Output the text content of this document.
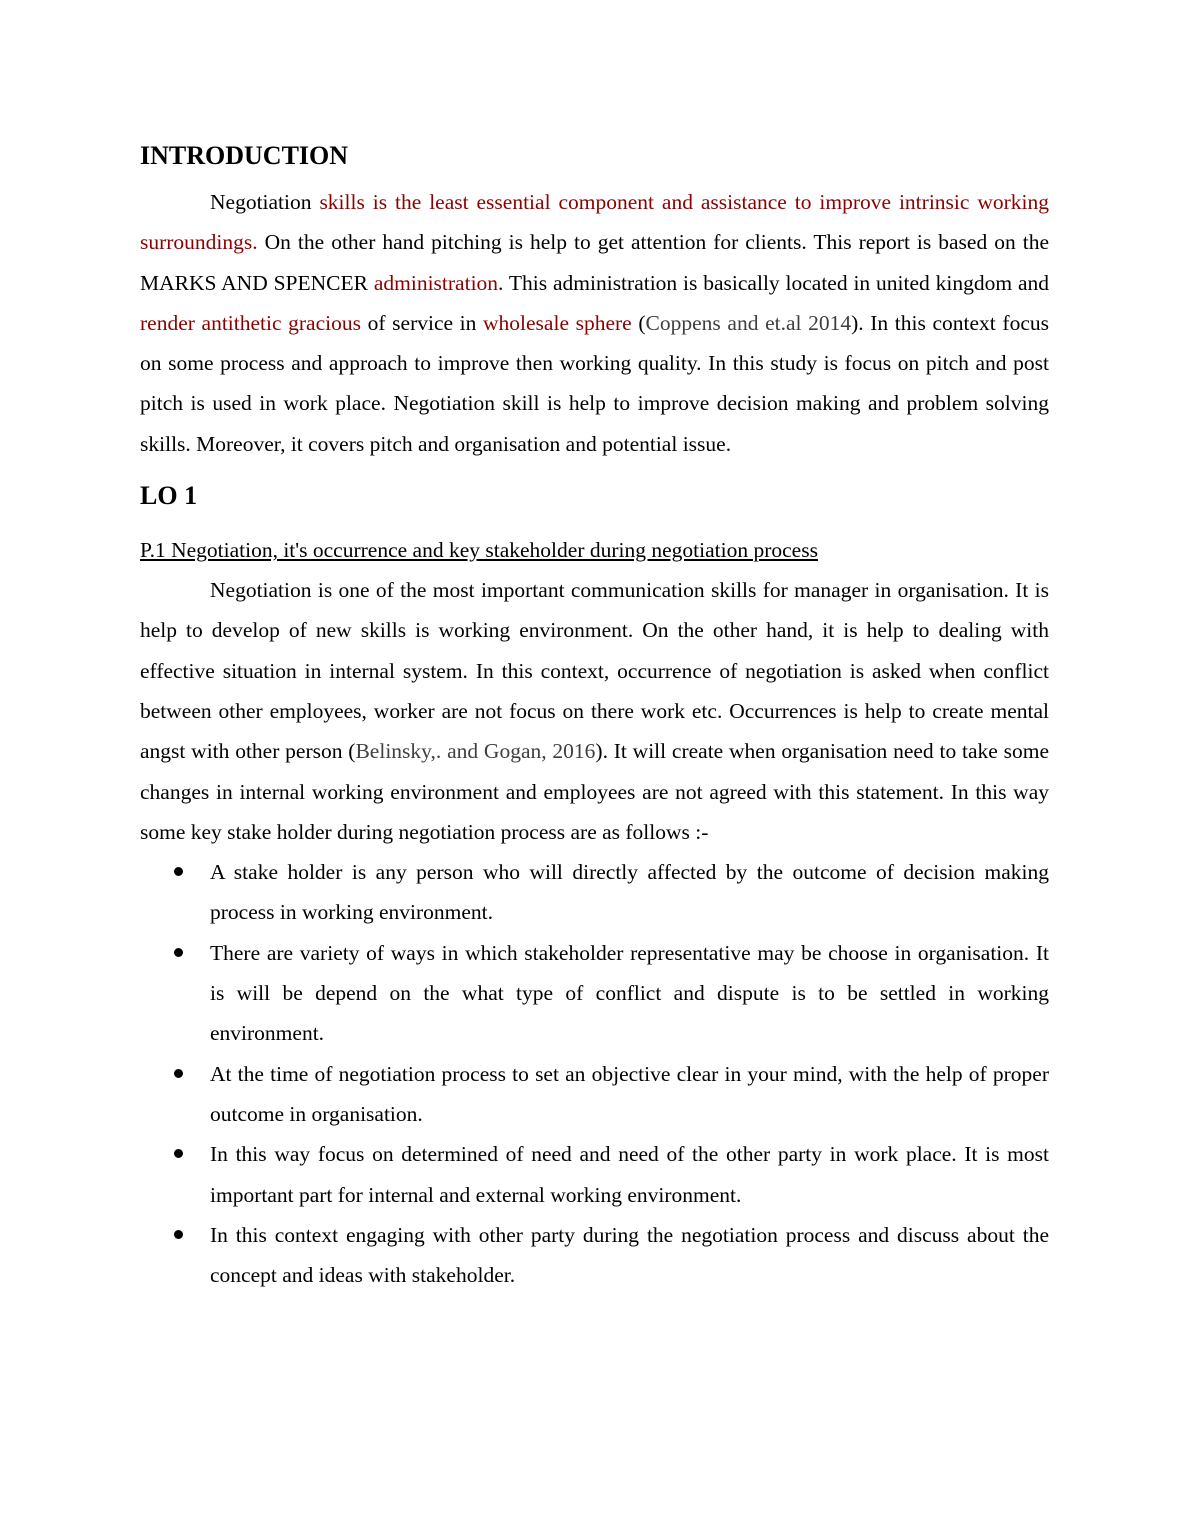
INTRODUCTION

Negotiation skills is the least essential component and assistance to improve intrinsic working surroundings. On the other hand pitching is help to get attention for clients. This report is based on the MARKS AND SPENCER administration. This administration is basically located in united kingdom and render antithetic gracious of service in wholesale sphere (Coppens and et.al 2014). In this context focus on some process and approach to improve then working quality. In this study is focus on pitch and post pitch is used in work place. Negotiation skill is help to improve decision making and problem solving skills. Moreover, it covers pitch and organisation and potential issue.

LO 1

P.1 Negotiation, it's occurrence and key stakeholder during negotiation process

Negotiation is one of the most important communication skills for manager in organisation. It is help to develop of new skills is working environment. On the other hand, it is help to dealing with effective situation in internal system. In this context, occurrence of negotiation is asked when conflict between other employees, worker are not focus on there work etc. Occurrences is help to create mental angst with other person (Belinsky,. and Gogan, 2016). It will create when organisation need to take some changes in internal working environment and employees are not agreed with this statement. In this way some key stake holder during negotiation process are as follows :-

A stake holder is any person who will directly affected by the outcome of decision making process in working environment.
There are variety of ways in which stakeholder representative may be choose in organisation. It is will be depend on the what type of conflict and dispute is to be settled in working environment.
At the time of negotiation process to set an objective clear in your mind, with the help of proper outcome in organisation.
In this way focus on determined of need and need of the other party in work place. It is most important part for internal and external working environment.
In this context engaging with other party during the negotiation process and discuss about the concept and ideas with stakeholder.
